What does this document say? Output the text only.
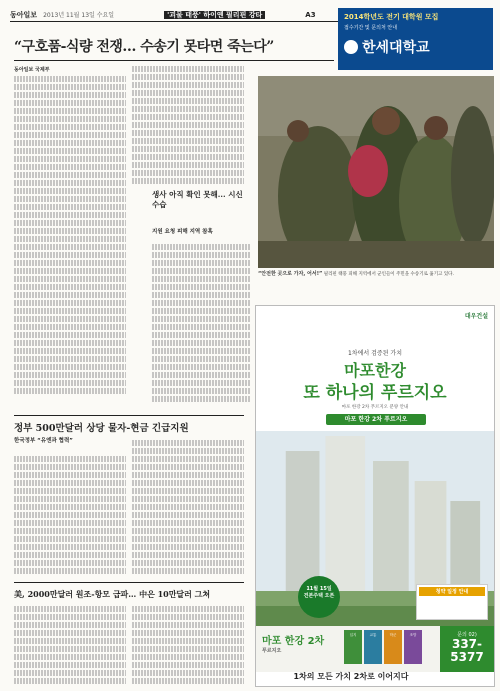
동아일보 2013년 11월 13일 수요일	'괴물 태풍' 하이옌 필리핀 강타	A3	2014학년도 전기 대학원 모집
접수기간 및 문의처 안내
한세대학교
“구호품-식량 전쟁… 수송기 못타면 죽는다”
동아일보 국제부
생사 아직 확인 못해... 시신 수습
지원 요청 피해 지역 참혹
“안전한 곳으로 가자, 어서!” 필리핀 태풍 피해 지역에서 군인들이 주민을 수송기로 옮기고 있다.
정부 500만달러 상당 물자-현금 긴급지원
한국정부 “유엔과 협력”
美, 2000만달러 원조-항모 급파… 中은 10만달러 그쳐
대우건설
1차에서 검증된 가치
마포한강
또 하나의 푸르지오
마포 한강 2차 푸르지오 분양 안내
마포 한강 2차 푸르지오
11월 15일
견본주택 오픈
청약 일정 안내
마포 한강 2차
푸르지오
입지	교통	학군	조망	문의 02)
337-
5377
1차의 모든 가치 2차로 이어지다
